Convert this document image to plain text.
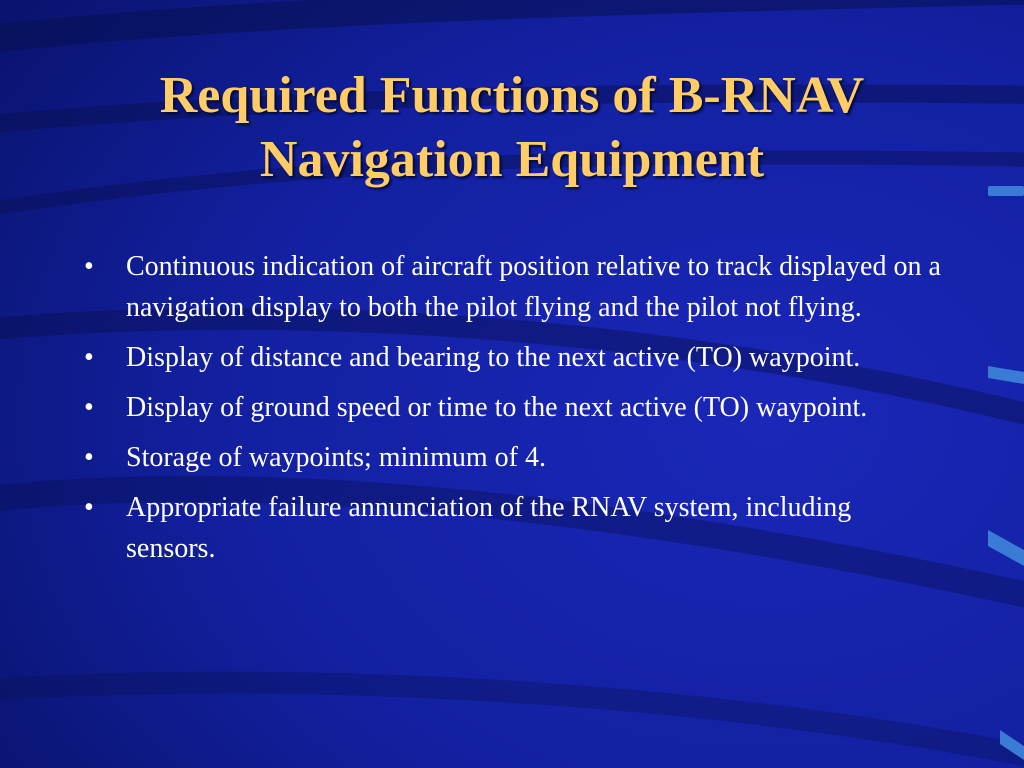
Required Functions of B-RNAV
Navigation Equipment
• Continuous indication of aircraft position relative to track displayed on a navigation display to both the pilot flying and the pilot not flying.
• Display of distance and bearing to the next active (TO) waypoint.
• Display of ground speed or time to the next active (TO) waypoint.
• Storage of waypoints; minimum of 4.
• Appropriate failure annunciation of the RNAV system, including sensors.
